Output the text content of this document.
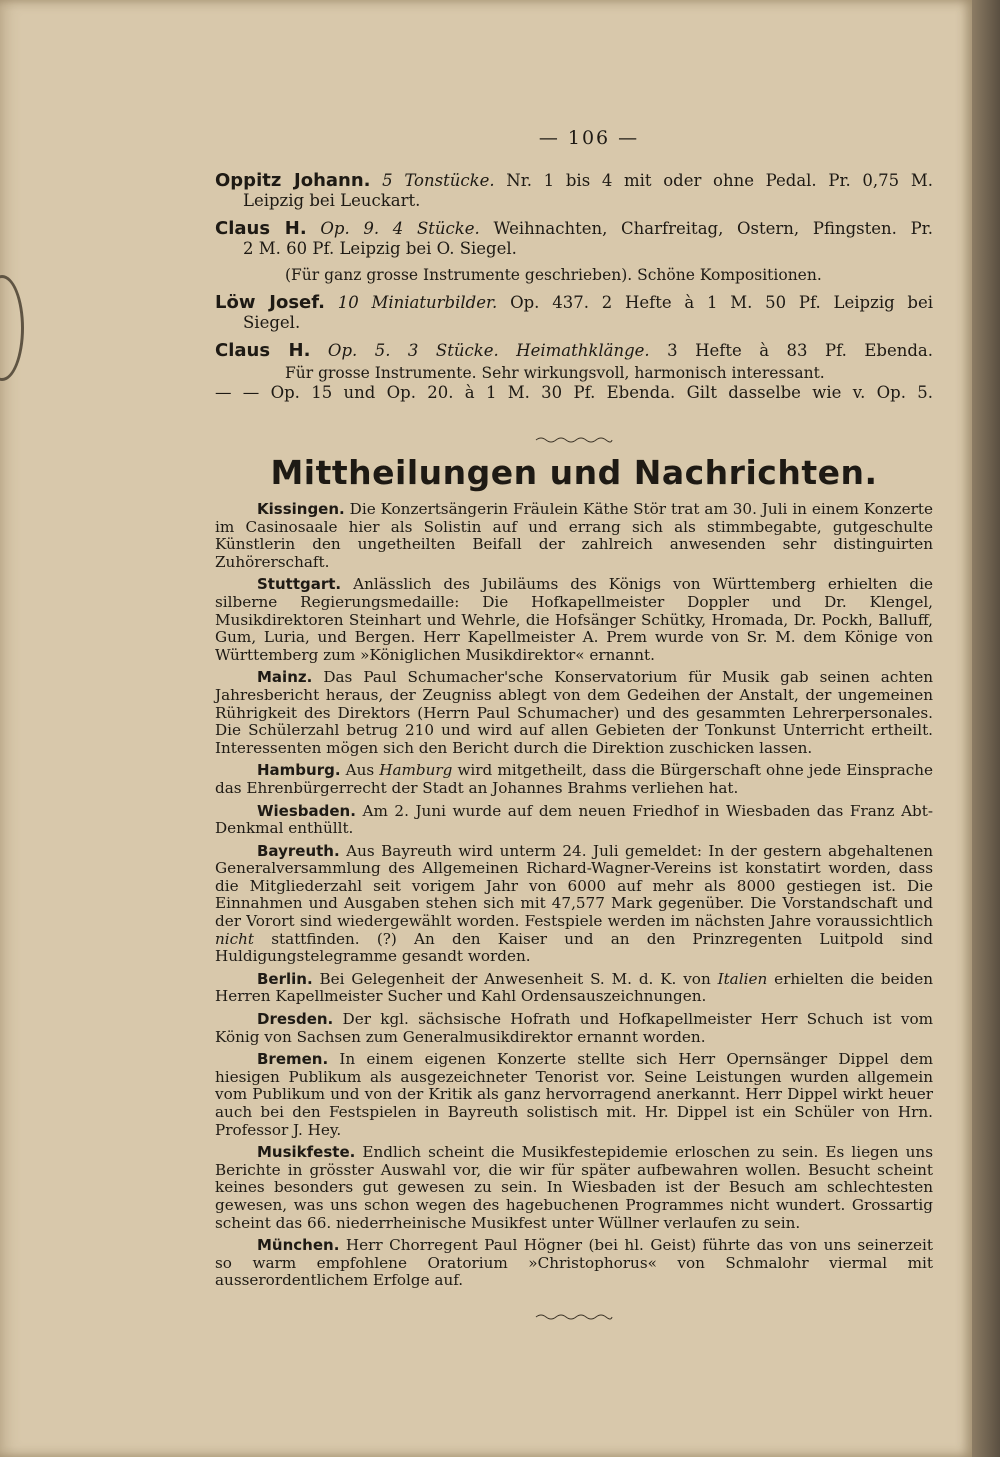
— 106 —
Oppitz Johann. 5 Tonstücke. Nr. 1 bis 4 mit oder ohne Pedal. Pr. 0,75 M.
Leipzig bei Leuckart.
Claus H. Op. 9. 4 Stücke. Weihnachten, Charfreitag, Ostern, Pfingsten. Pr.
2 M. 60 Pf. Leipzig bei O. Siegel.
(Für ganz grosse Instrumente geschrieben). Schöne Kompositionen.
Löw Josef. 10 Miniaturbilder. Op. 437. 2 Hefte à 1 M. 50 Pf. Leipzig bei
Siegel.
Claus H. Op. 5. 3 Stücke. Heimathklänge. 3 Hefte à 83 Pf. Ebenda.
Für grosse Instrumente. Sehr wirkungsvoll, harmonisch interessant.
— — Op. 15 und Op. 20. à 1 M. 30 Pf. Ebenda. Gilt dasselbe wie v. Op. 5.
Mittheilungen und Nachrichten.

Kissingen. Die Konzertsängerin Fräulein Käthe Stör trat am 30. Juli in einem Konzerte im Casinosaale hier als Solistin auf und errang sich als stimmbegabte, gutgeschulte Künstlerin den ungetheilten Beifall der zahlreich anwesenden sehr distinguirten Zuhörerschaft.

Stuttgart. Anlässlich des Jubiläums des Königs von Württemberg erhielten die silberne Regierungsmedaille: Die Hofkapellmeister Doppler und Dr. Klengel, Musikdirektoren Steinhart und Wehrle, die Hofsänger Schütky, Hromada, Dr. Pockh, Balluff, Gum, Luria, und Bergen. Herr Kapellmeister A. Prem wurde von Sr. M. dem Könige von Württemberg zum »Königlichen Musikdirektor« ernannt.

Mainz. Das Paul Schumacher'sche Konservatorium für Musik gab seinen achten Jahresbericht heraus, der Zeugniss ablegt von dem Gedeihen der Anstalt, der ungemeinen Rührigkeit des Direktors (Herrn Paul Schumacher) und des gesammten Lehrerpersonales. Die Schülerzahl betrug 210 und wird auf allen Gebieten der Tonkunst Unterricht ertheilt. Interessenten mögen sich den Bericht durch die Direktion zuschicken lassen.

Hamburg. Aus Hamburg wird mitgetheilt, dass die Bürgerschaft ohne jede Einsprache das Ehrenbürgerrecht der Stadt an Johannes Brahms verliehen hat.

Wiesbaden. Am 2. Juni wurde auf dem neuen Friedhof in Wiesbaden das Franz Abt-Denkmal enthüllt.

Bayreuth. Aus Bayreuth wird unterm 24. Juli gemeldet: In der gestern abgehaltenen Generalversammlung des Allgemeinen Richard-Wagner-Vereins ist konstatirt worden, dass die Mitgliederzahl seit vorigem Jahr von 6000 auf mehr als 8000 gestiegen ist. Die Einnahmen und Ausgaben stehen sich mit 47,577 Mark gegenüber. Die Vorstandschaft und der Vorort sind wiedergewählt worden. Festspiele werden im nächsten Jahre voraussichtlich nicht stattfinden. (?) An den Kaiser und an den Prinzregenten Luitpold sind Huldigungstelegramme gesandt worden.

Berlin. Bei Gelegenheit der Anwesenheit S. M. d. K. von Italien erhielten die beiden Herren Kapellmeister Sucher und Kahl Ordensauszeichnungen.

Dresden. Der kgl. sächsische Hofrath und Hofkapellmeister Herr Schuch ist vom König von Sachsen zum Generalmusikdirektor ernannt worden.

Bremen. In einem eigenen Konzerte stellte sich Herr Opernsänger Dippel dem hiesigen Publikum als ausgezeichneter Tenorist vor. Seine Leistungen wurden allgemein vom Publikum und von der Kritik als ganz hervorragend anerkannt. Herr Dippel wirkt heuer auch bei den Festspielen in Bayreuth solistisch mit. Hr. Dippel ist ein Schüler von Hrn. Professor J. Hey.

Musikfeste. Endlich scheint die Musikfestepidemie erloschen zu sein. Es liegen uns Berichte in grösster Auswahl vor, die wir für später aufbewahren wollen. Besucht scheint keines besonders gut gewesen zu sein. In Wiesbaden ist der Besuch am schlechtesten gewesen, was uns schon wegen des hagebuchenen Programmes nicht wundert. Grossartig scheint das 66. niederrheinische Musikfest unter Wüllner verlaufen zu sein.

München. Herr Chorregent Paul Högner (bei hl. Geist) führte das von uns seinerzeit so warm empfohlene Oratorium »Christophorus« von Schmalohr viermal mit ausserordentlichem Erfolge auf.
